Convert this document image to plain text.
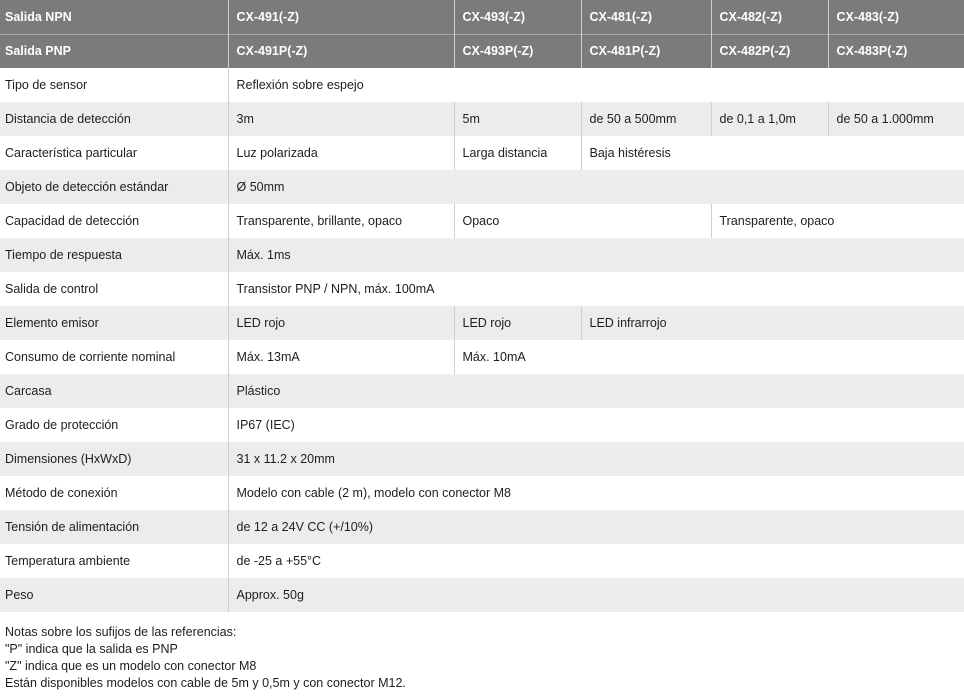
Salida NPN	CX-491(-Z)	CX-493(-Z)	CX-481(-Z)	CX-482(-Z)	CX-483(-Z)
Salida PNP	CX-491P(-Z)	CX-493P(-Z)	CX-481P(-Z)	CX-482P(-Z)	CX-483P(-Z)
Tipo de sensor	Reflexión sobre espejo				
Distancia de detección	3m	5m	de 50 a 500mm	de 0,1 a 1,0m	de 50 a 1.000mm
Característica particular	Luz polarizada	Larga distancia	Baja histéresis		
Objeto de detección estándar	Ø 50mm				
Capacidad de detección	Transparente, brillante, opaco	Opaco		Transparente, opaco	
Tiempo de respuesta	Máx. 1ms				
Salida de control	Transistor PNP / NPN, máx. 100mA				
Elemento emisor	LED rojo	LED rojo	LED infrarrojo		
Consumo de corriente nominal	Máx. 13mA	Máx. 10mA			
Carcasa	Plástico				
Grado de protección	IP67 (IEC)				
Dimensiones (HxWxD)	31 x 11.2 x 20mm				
Método de conexión	Modelo con cable (2 m), modelo con conector M8				
Tensión de alimentación	de 12 a 24V CC (+/10%)				
Temperatura ambiente	de -25 a +55°C				
Peso	Approx. 50g				
Notas sobre los sufijos de las referencias:
"P" indica que la salida es PNP
"Z" indica que es un modelo con conector M8
Están disponibles modelos con cable de 5m y 0,5m y con conector M12.
